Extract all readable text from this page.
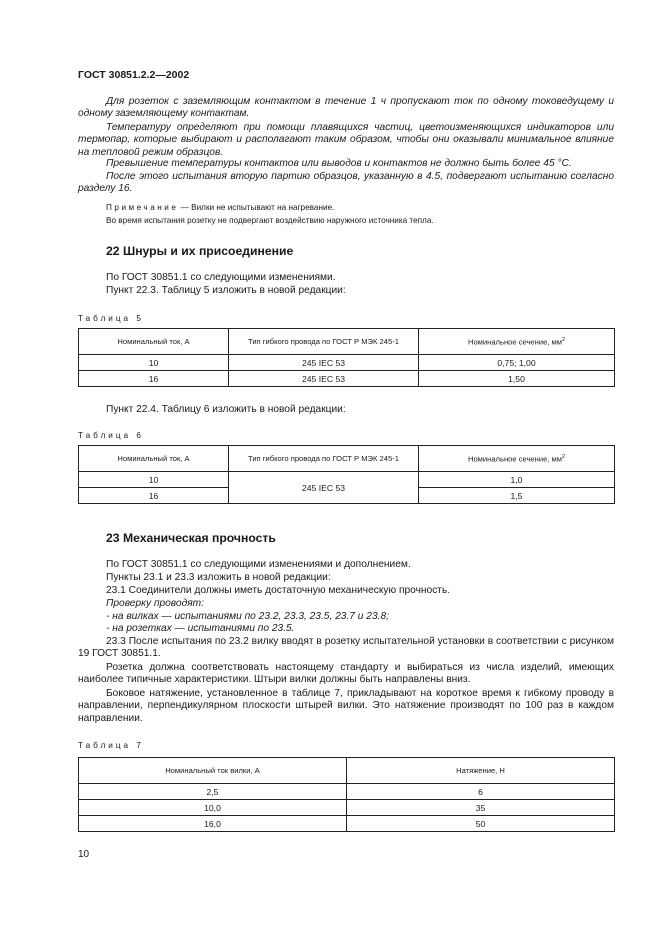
ГОСТ 30851.2.2—2002
Для розеток с заземляющим контактом в течение 1 ч пропускают ток по одному токоведущему и одному заземляющему контактам.
Температуру определяют при помощи плавящихся частиц, цветоизменяющихся индикаторов или термопар, которые выбирают и располагают таким образом, чтобы они оказывали минимальное влияние на тепловой режим образцов.
Превышение температуры контактов или выводов и контактов не должно быть более 45 °С.
После этого испытания вторую партию образцов, указанную в 4.5, подвергают испытанию согласно разделу 16.
Примечание — Вилки не испытывают на нагревание.
Во время испытания розетку не подвергают воздействию наружного источника тепла.
22 Шнуры и их присоединение
По ГОСТ 30851.1 со следующими изменениями.
Пункт 22.3. Таблицу 5 изложить в новой редакции:
Таблица 5
Номинальный ток, А	Тип гибкого провода по ГОСТ Р МЭК 245-1	Номинальное сечение, $мм^2$
10	245 IEC 53	0,75; 1,00
16	245 IEC 53	1,50
Пункт 22.4. Таблицу 6 изложить в новой редакции:
Таблица 6
Номинальный ток, А	Тип гибкого провода по ГОСТ Р МЭК 245-1	Номинальное сечение, $мм^2$
10	245 IEC 53	1,0
16		1,5
23 Механическая прочность
По ГОСТ 30851.1 со следующими изменениями и дополнением.
Пункты 23.1 и 23.3 изложить в новой редакции:
23.1 Соединители должны иметь достаточную механическую прочность.
Проверку проводят:
- на вилках — испытаниями по 23.2, 23.3, 23.5, 23.7 и 23.8;
- на розетках — испытаниями по 23.5.
23.3 После испытания по 23.2 вилку вводят в розетку испытательной установки в соответствии с рисунком 19 ГОСТ 30851.1.
Розетка должна соответствовать настоящему стандарту и выбираться из числа изделий, имеющих наиболее типичные характеристики. Штыри вилки должны быть направлены вниз.
Боковое натяжение, установленное в таблице 7, прикладывают на короткое время к гибкому проводу в направлении, перпендикулярном плоскости штырей вилки. Это натяжение производят по 100 раз в каждом направлении.
Таблица 7
Номинальный ток вилки, А	Натяжение, Н
2,5	6
10,0	35
16,0	50
10
